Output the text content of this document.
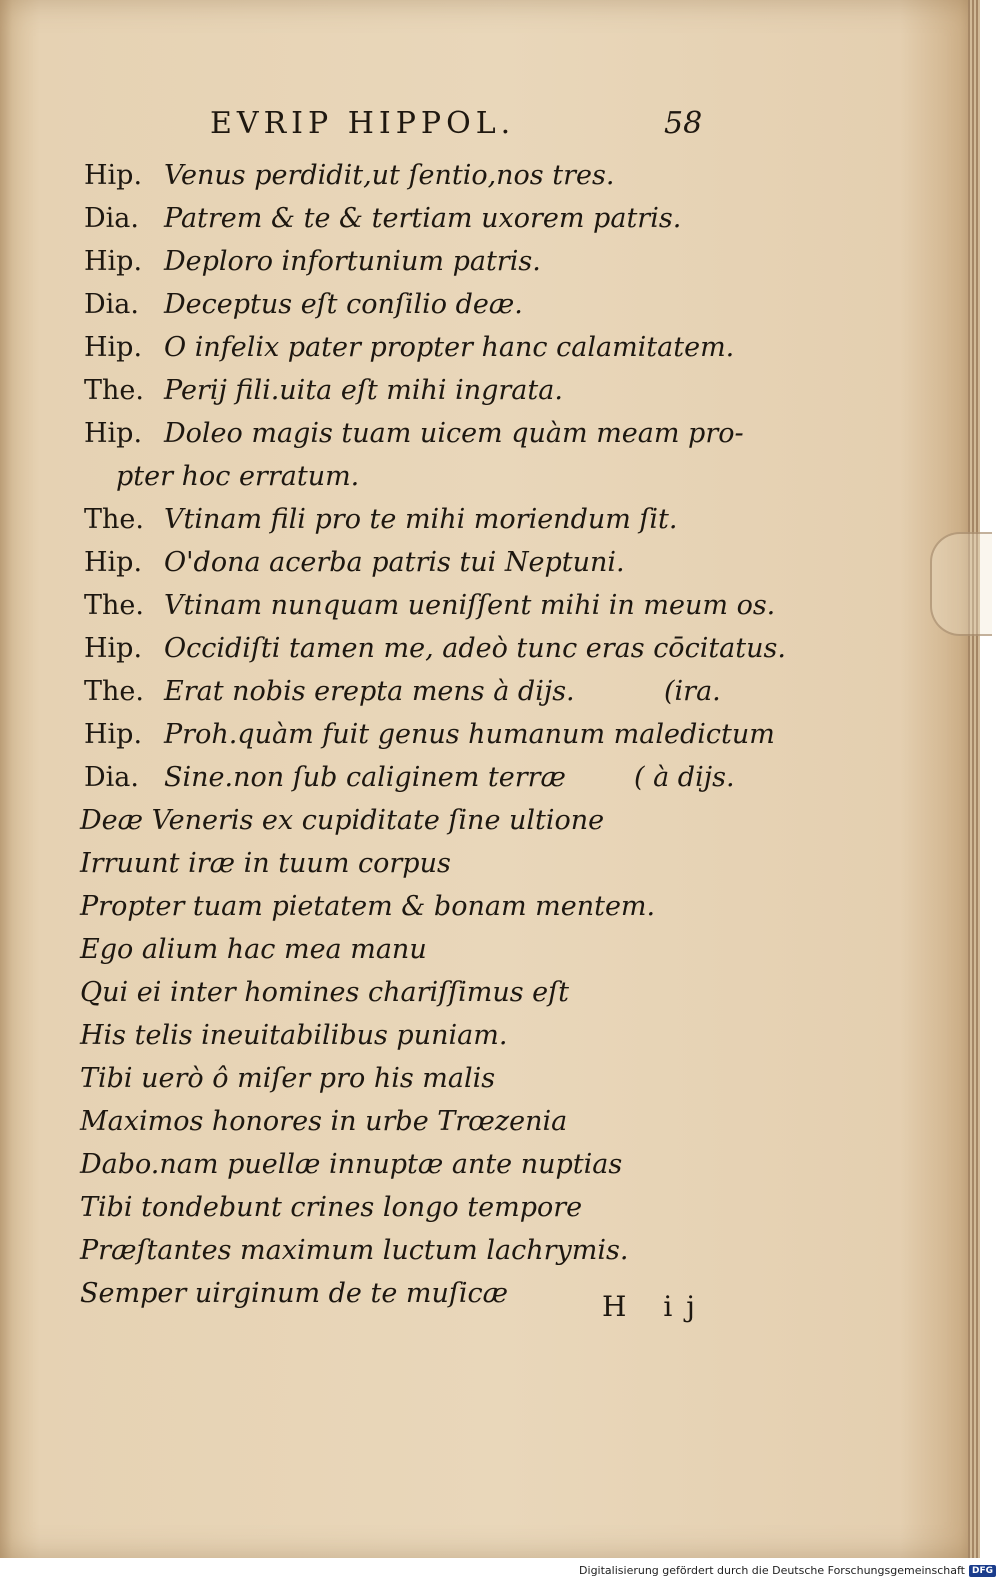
EVRIP HIPPOL.	58
Hip. Venus perdidit,ut ſentio,nos tres.
Dia. Patrem & te & tertiam uxorem patris.
Hip. Deploro infortunium patris.
Dia. Deceptus eſt conſilio deæ.
Hip. O infelix pater propter hanc calamitatem.
The. Perij fili.uita eſt mihi ingrata.
Hip. Doleo magis tuam uicem quàm meam pro-
pter hoc erratum.
The. Vtinam fili pro te mihi moriendum ſit.
Hip. O'dona acerba patris tui Neptuni.
The. Vtinam nunquam ueniſſent mihi in meum os.
Hip. Occidiſti tamen me, adeò tunc eras cōcitatus.
The. Erat nobis erepta mens à dijs.	(ira.
Hip. Proh.quàm fuit genus humanum maledictum
Dia. Sine.non ſub caliginem terræ	( à dijs.
Deæ Veneris ex cupiditate ſine ultione
Irruunt iræ in tuum corpus
Propter tuam pietatem & bonam mentem.
Ego alium hac mea manu
Qui ei inter homines chariſſimus eſt
His telis ineuitabilibus puniam.
Tibi uerò ô miſer pro his malis
Maximos honores in urbe Trœzenia
Dabo.nam puellæ innuptæ ante nuptias
Tibi tondebunt crines longo tempore
Præſtantes maximum luctum lachrymis.
Semper uirginum de te muſicæ	H ij
Digitalisierung gefördert durch die Deutsche Forschungsgemeinschaft DFG
